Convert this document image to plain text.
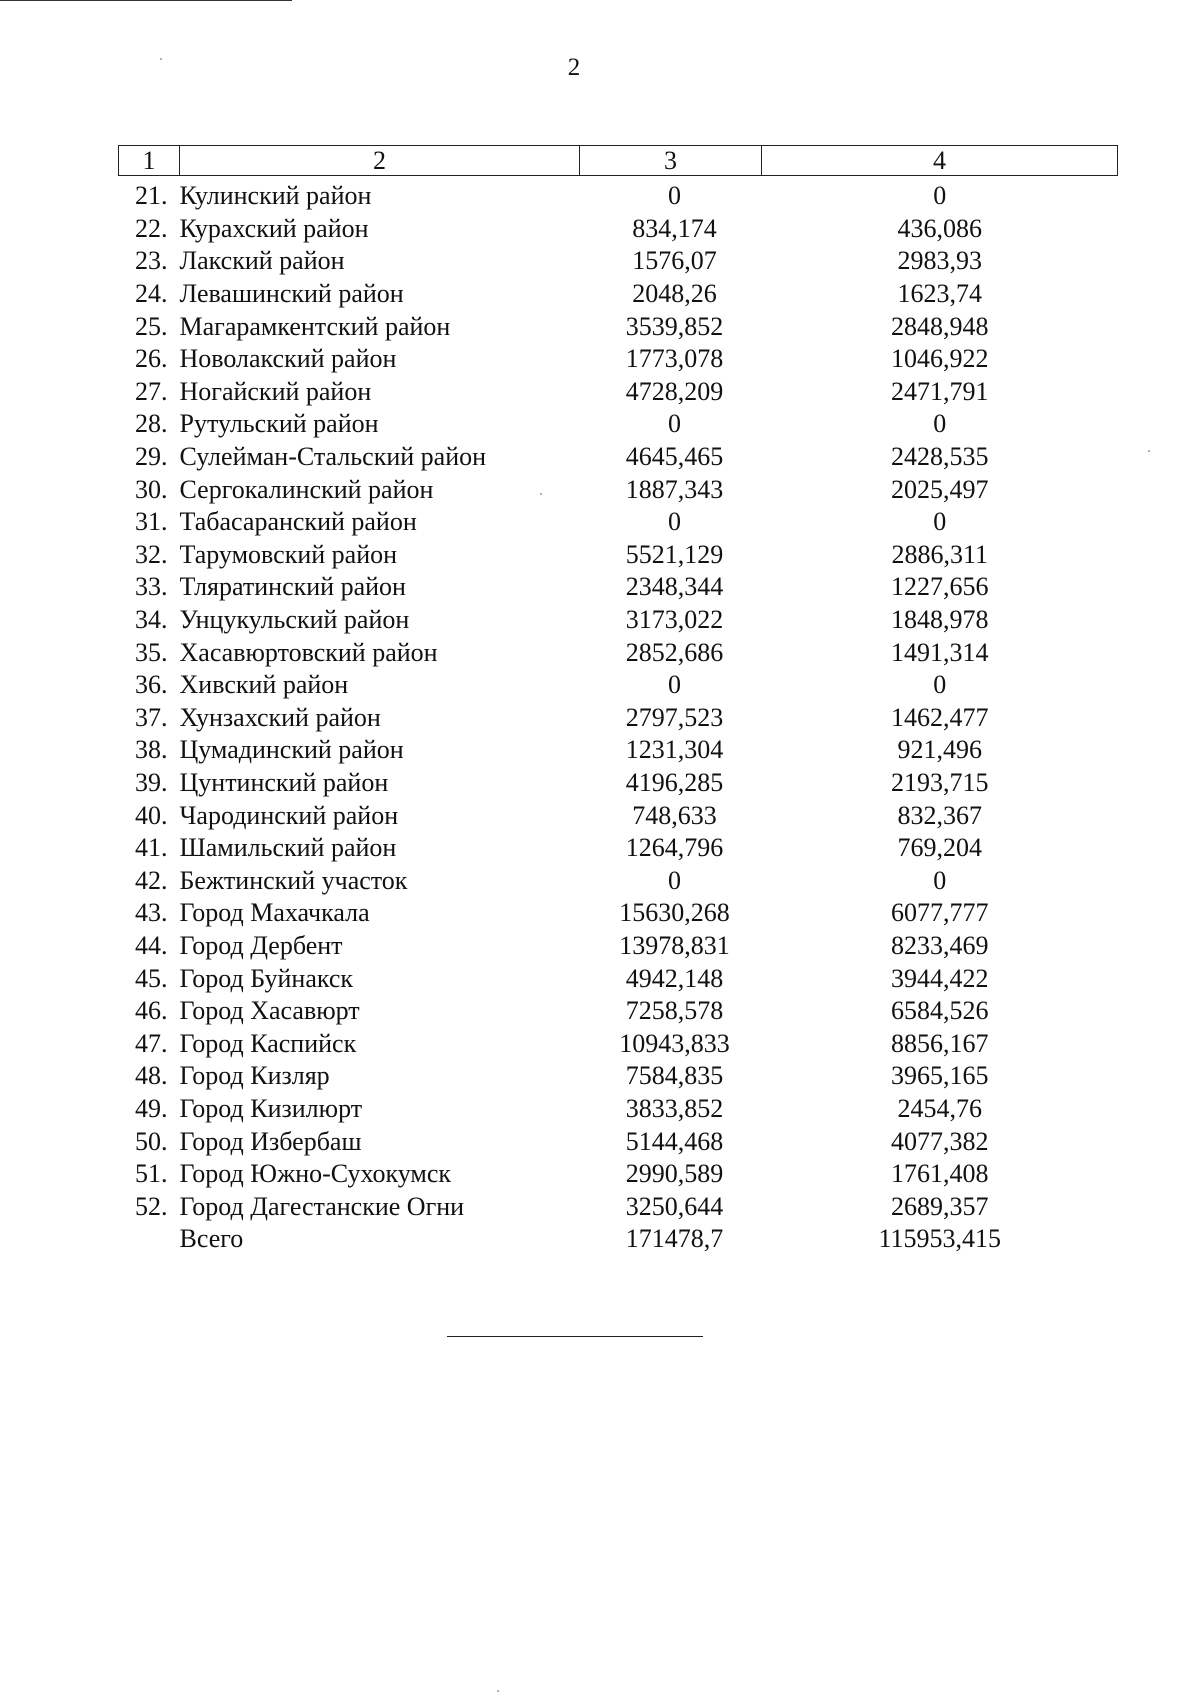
2
1	2	3	4
21. Кулинский район	0	0
22. Курахский район	834,174	436,086
23. Лакский район	1576,07	2983,93
24. Левашинский район	2048,26	1623,74
25. Магарамкентский район	3539,852	2848,948
26. Новолакский район	1773,078	1046,922
27. Ногайский район	4728,209	2471,791
28. Рутульский район	0	0
29. Сулейман-Стальский район	4645,465	2428,535
30. Сергокалинский район	1887,343	2025,497
31. Табасаранский район	0	0
32. Тарумовский район	5521,129	2886,311
33. Тляратинский район	2348,344	1227,656
34. Унцукульский район	3173,022	1848,978
35. Хасавюртовский район	2852,686	1491,314
36. Хивский район	0	0
37. Хунзахский район	2797,523	1462,477
38. Цумадинский район	1231,304	921,496
39. Цунтинский район	4196,285	2193,715
40. Чародинский район	748,633	832,367
41. Шамильский район	1264,796	769,204
42. Бежтинский участок	0	0
43. Город Махачкала	15630,268	6077,777
44. Город Дербент	13978,831	8233,469
45. Город Буйнакск	4942,148	3944,422
46. Город Хасавюрт	7258,578	6584,526
47. Город Каспийск	10943,833	8856,167
48. Город Кизляр	7584,835	3965,165
49. Город Кизилюрт	3833,852	2454,76
50. Город Избербаш	5144,468	4077,382
51. Город Южно-Сухокумск	2990,589	1761,408
52. Город Дагестанские Огни	3250,644	2689,357
Всего	171478,7	115953,415
